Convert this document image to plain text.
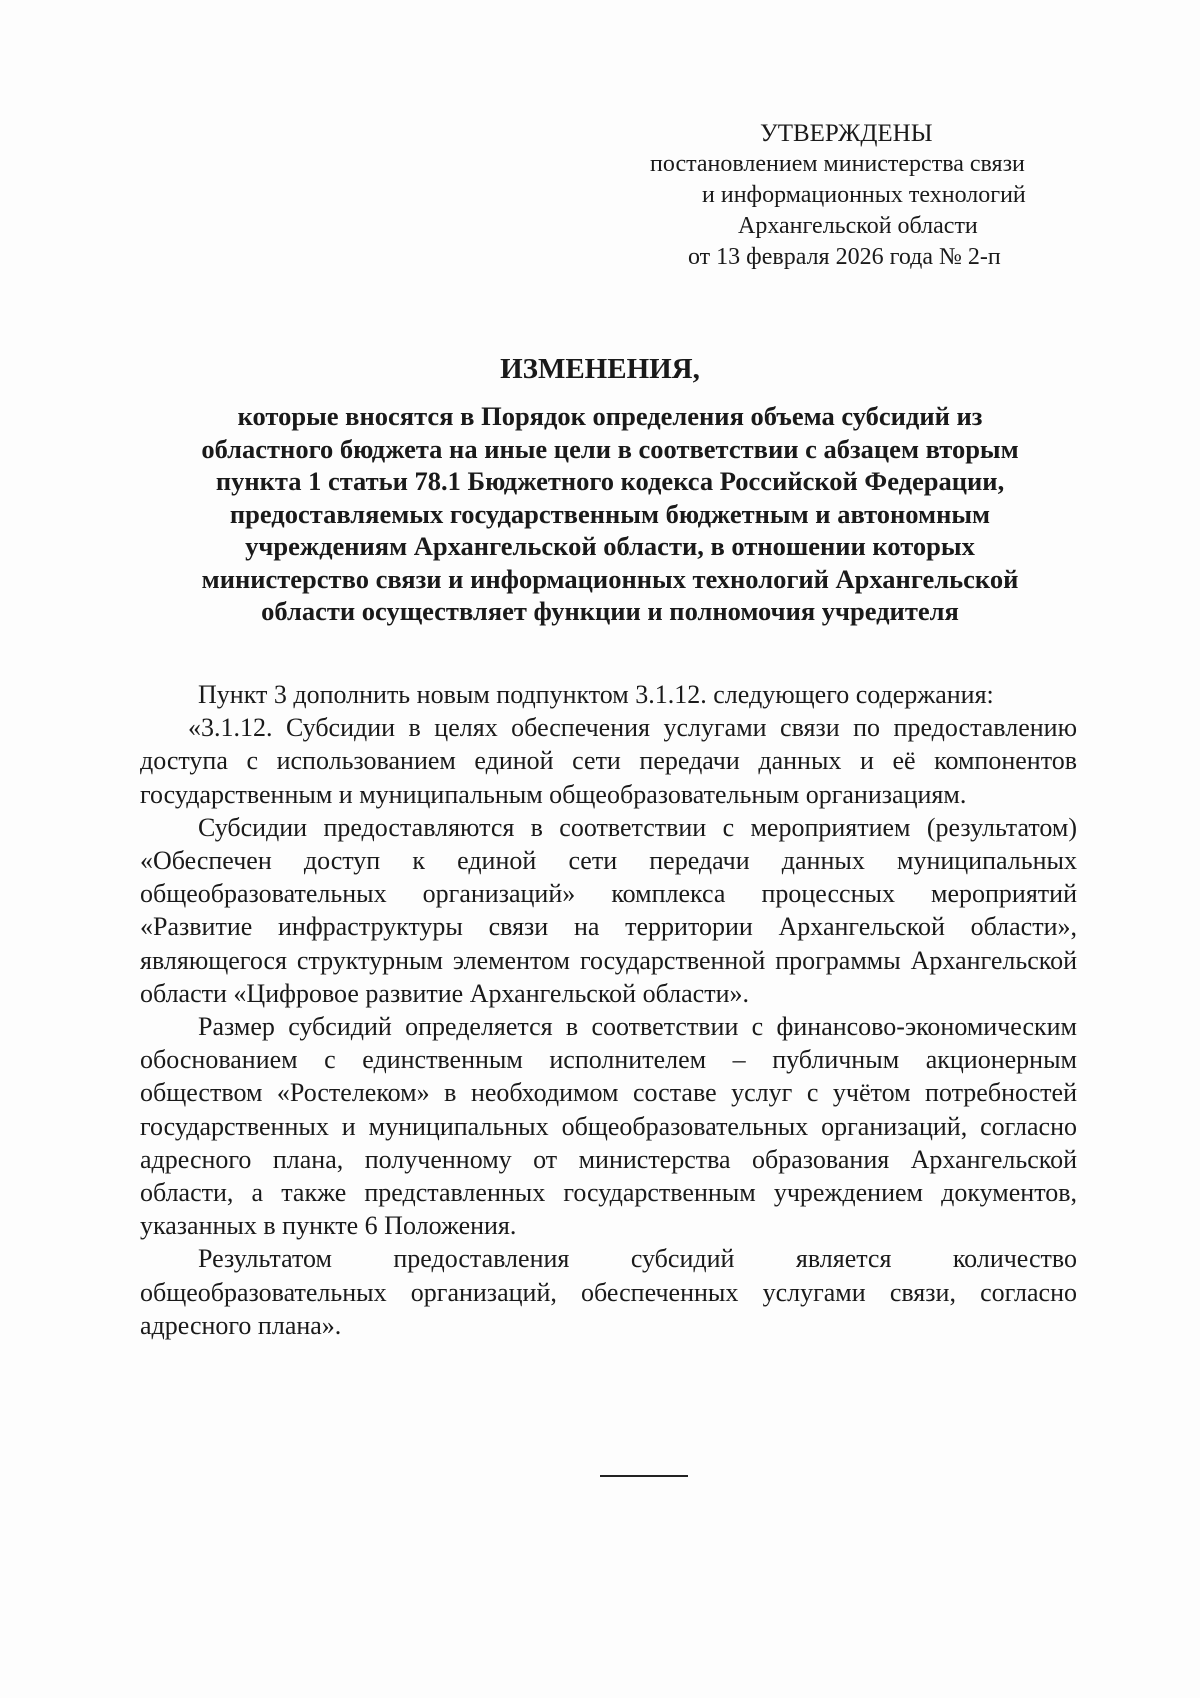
УТВЕРЖДЕНЫ
постановлением министерства связи
и информационных технологий
Архангельской области
от 13 февраля 2026 года № 2-п
ИЗМЕНЕНИЯ,
которые вносятся в Порядок определения объема субсидий из
областного бюджета на иные цели в соответствии с абзацем вторым
пункта 1 статьи 78.1 Бюджетного кодекса Российской Федерации,
предоставляемых государственным бюджетным и автономным
учреждениям Архангельской области, в отношении которых
министерство связи и информационных технологий Архангельской
области осуществляет функции и полномочия учредителя

Пункт 3 дополнить новым подпунктом 3.1.12. следующего содержания:

«3.1.12. Субсидии в целях обеспечения услугами связи по предоставлению доступа с использованием единой сети передачи данных и её компонентов государственным и муниципальным общеобразовательным организациям.

Субсидии предоставляются в соответствии с мероприятием (результатом) «Обеспечен доступ к единой сети передачи данных муниципальных общеобразовательных организаций» комплекса процессных мероприятий «Развитие инфраструктуры связи на территории Архангельской области», являющегося структурным элементом государственной программы Архангельской области «Цифровое развитие Архангельской области».

Размер субсидий определяется в соответствии с финансово-экономическим обоснованием с единственным исполнителем – публичным акционерным обществом «Ростелеком» в необходимом составе услуг с учётом потребностей государственных и муниципальных общеобразовательных организаций, согласно адресного плана, полученному от министерства образования Архангельской области, а также представленных государственным учреждением документов, указанных в пункте 6 Положения.

Результатом предоставления субсидий является количество общеобразовательных организаций, обеспеченных услугами связи, согласно адресного плана».
